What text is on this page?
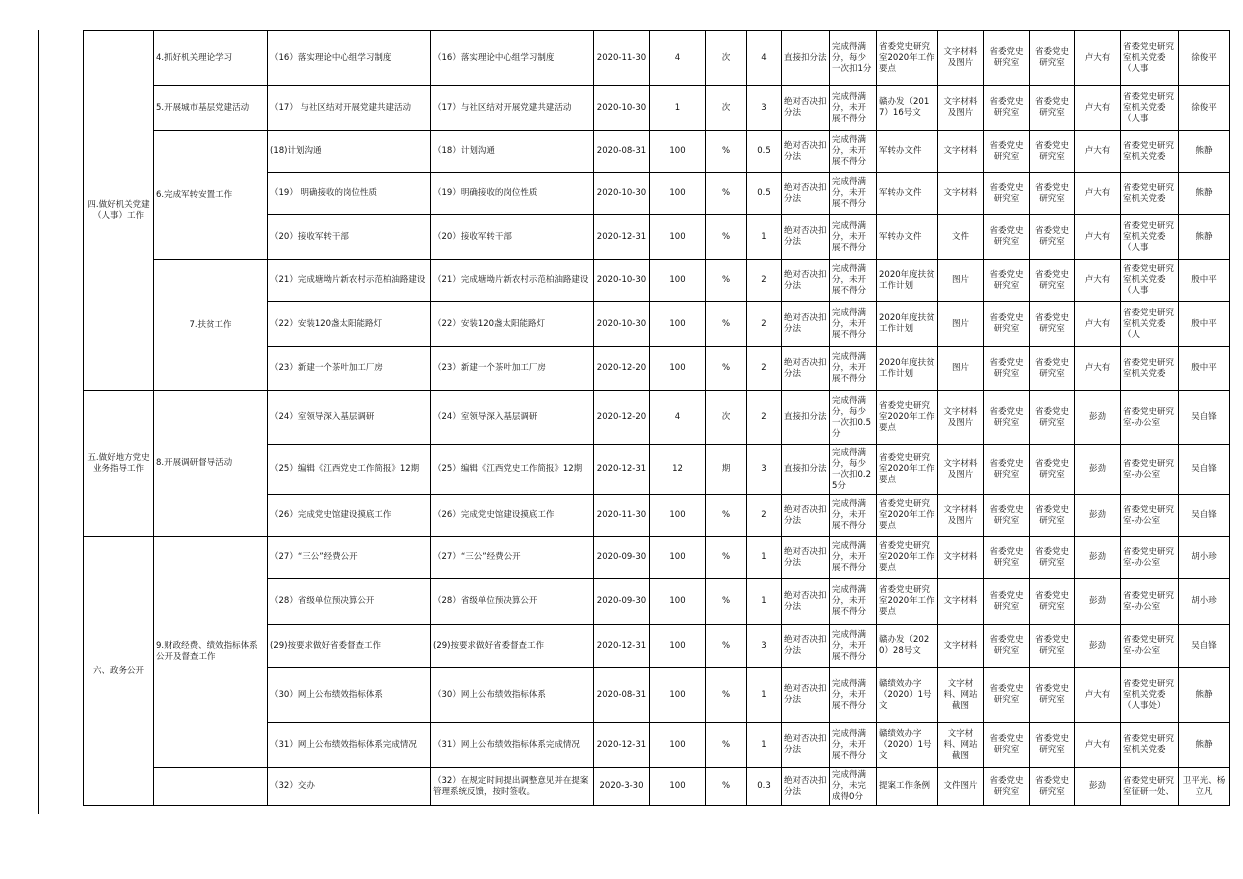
四.做好机关党建（人事）工作	4.抓好机关理论学习	（16）落实理论中心组学习制度	（16）落实理论中心组学习制度	2020-11-30	4	次	4	直接扣分法	完成得满分，每少一次扣1分	省委党史研究室2020年工作要点	文字材料及图片	省委党史研究室	省委党史研究室	卢大有	省委党史研究室机关党委（人事	徐俊平
	5.开展城市基层党建活动	（17） 与社区结对开展党建共建活动	（17）与社区结对开展党建共建活动	2020-10-30	1	次	3	绝对否决扣分法	完成得满分，未开展不得分	赣办发（2017）16号文	文字材料及图片	省委党史研究室	省委党史研究室	卢大有	省委党史研究室机关党委（人事	徐俊平
	6.完成军转安置工作	(18)计划沟通	（18）计划沟通	2020-08-31	100	%	0.5	绝对否决扣分法	完成得满分，未开展不得分	军转办文件	文字材料	省委党史研究室	省委党史研究室	卢大有	省委党史研究室机关党委	熊静
		（19） 明确接收的岗位性质	（19）明确接收的岗位性质	2020-10-30	100	%	0.5	绝对否决扣分法	完成得满分，未开展不得分	军转办文件	文字材料	省委党史研究室	省委党史研究室	卢大有	省委党史研究室机关党委	熊静
		（20）接收军转干部	（20）接收军转干部	2020-12-31	100	%	1	绝对否决扣分法	完成得满分，未开展不得分	军转办文件	文件	省委党史研究室	省委党史研究室	卢大有	省委党史研究室机关党委（人事	熊静
	7.扶贫工作	（21）完成塘坳片新农村示范柏油路建设	（21）完成塘坳片新农村示范柏油路建设	2020-10-30	100	%	2	绝对否决扣分法	完成得满分，未开展不得分	2020年度扶贫工作计划	图片	省委党史研究室	省委党史研究室	卢大有	省委党史研究室机关党委（人事	殷中平
		（22）安装120盏太阳能路灯	（22）安装120盏太阳能路灯	2020-10-30	100	%	2	绝对否决扣分法	完成得满分，未开展不得分	2020年度扶贫工作计划	图片	省委党史研究室	省委党史研究室	卢大有	省委党史研究室机关党委（人	殷中平
		（23）新建一个茶叶加工厂房	（23）新建一个茶叶加工厂房	2020-12-20	100	%	2	绝对否决扣分法	完成得满分，未开展不得分	2020年度扶贫工作计划	图片	省委党史研究室	省委党史研究室	卢大有	省委党史研究室机关党委	殷中平
五.做好地方党史业务指导工作	8.开展调研督导活动	（24）室领导深入基层调研	（24）室领导深入基层调研	2020-12-20	4	次	2	直接扣分法	完成得满分，每少一次扣0.5分	省委党史研究室2020年工作要点	文字材料及图片	省委党史研究室	省委党史研究室	彭劲	省委党史研究室-办公室	吴自锋
		（25）编辑《江西党史工作简报》12期	（25）编辑《江西党史工作简报》12期	2020-12-31	12	期	3	直接扣分法	完成得满分，每少一次扣0.25分	省委党史研究室2020年工作要点	文字材料及图片	省委党史研究室	省委党史研究室	彭劲	省委党史研究室-办公室	吴自锋
		（26）完成党史馆建设摸底工作	（26）完成党史馆建设摸底工作	2020-11-30	100	%	2	绝对否决扣分法	完成得满分，未开展不得分	省委党史研究室2020年工作要点	文字材料及图片	省委党史研究室	省委党史研究室	彭劲	省委党史研究室-办公室	吴自锋
六、政务公开	9.财政经费、绩效指标体系公开及督查工作	（27）“三公”经费公开	（27）“三公”经费公开	2020-09-30	100	%	1	绝对否决扣分法	完成得满分，未开展不得分	省委党史研究室2020年工作要点	文字材料	省委党史研究室	省委党史研究室	彭劲	省委党史研究室-办公室	胡小珍
		（28）省级单位预决算公开	（28）省级单位预决算公开	2020-09-30	100	%	1	绝对否决扣分法	完成得满分，未开展不得分	省委党史研究室2020年工作要点	文字材料	省委党史研究室	省委党史研究室	彭劲	省委党史研究室-办公室	胡小珍
		(29)按要求做好省委督查工作	(29)按要求做好省委督查工作	2020-12-31	100	%	3	绝对否决扣分法	完成得满分，未开展不得分	赣办发（2020）28号文	文字材料	省委党史研究室	省委党史研究室	彭劲	省委党史研究室-办公室	吴自锋
		（30）网上公布绩效指标体系	（30）网上公布绩效指标体系	2020-08-31	100	%	1	绝对否决扣分法	完成得满分，未开展不得分	赣绩效办字（2020）1号文	文字材料、网站截图	省委党史研究室	省委党史研究室	卢大有	省委党史研究室机关党委（人事处）	熊静
		（31）网上公布绩效指标体系完成情况	（31）网上公布绩效指标体系完成情况	2020-12-31	100	%	1	绝对否决扣分法	完成得满分，未开展不得分	赣绩效办字（2020）1号文	文字材料、网站截图	省委党史研究室	省委党史研究室	卢大有	省委党史研究室机关党委	熊静
		（32）交办	（32）在规定时间提出调整意见并在提案管理系统反馈，按时签收。	2020-3-30	100	%	0.3	绝对否决扣分法	完成得满分，未完成得0分	提案工作条例	文件图片	省委党史研究室	省委党史研究室	彭劲	省委党史研究室征研一处、	卫平光、杨立凡
